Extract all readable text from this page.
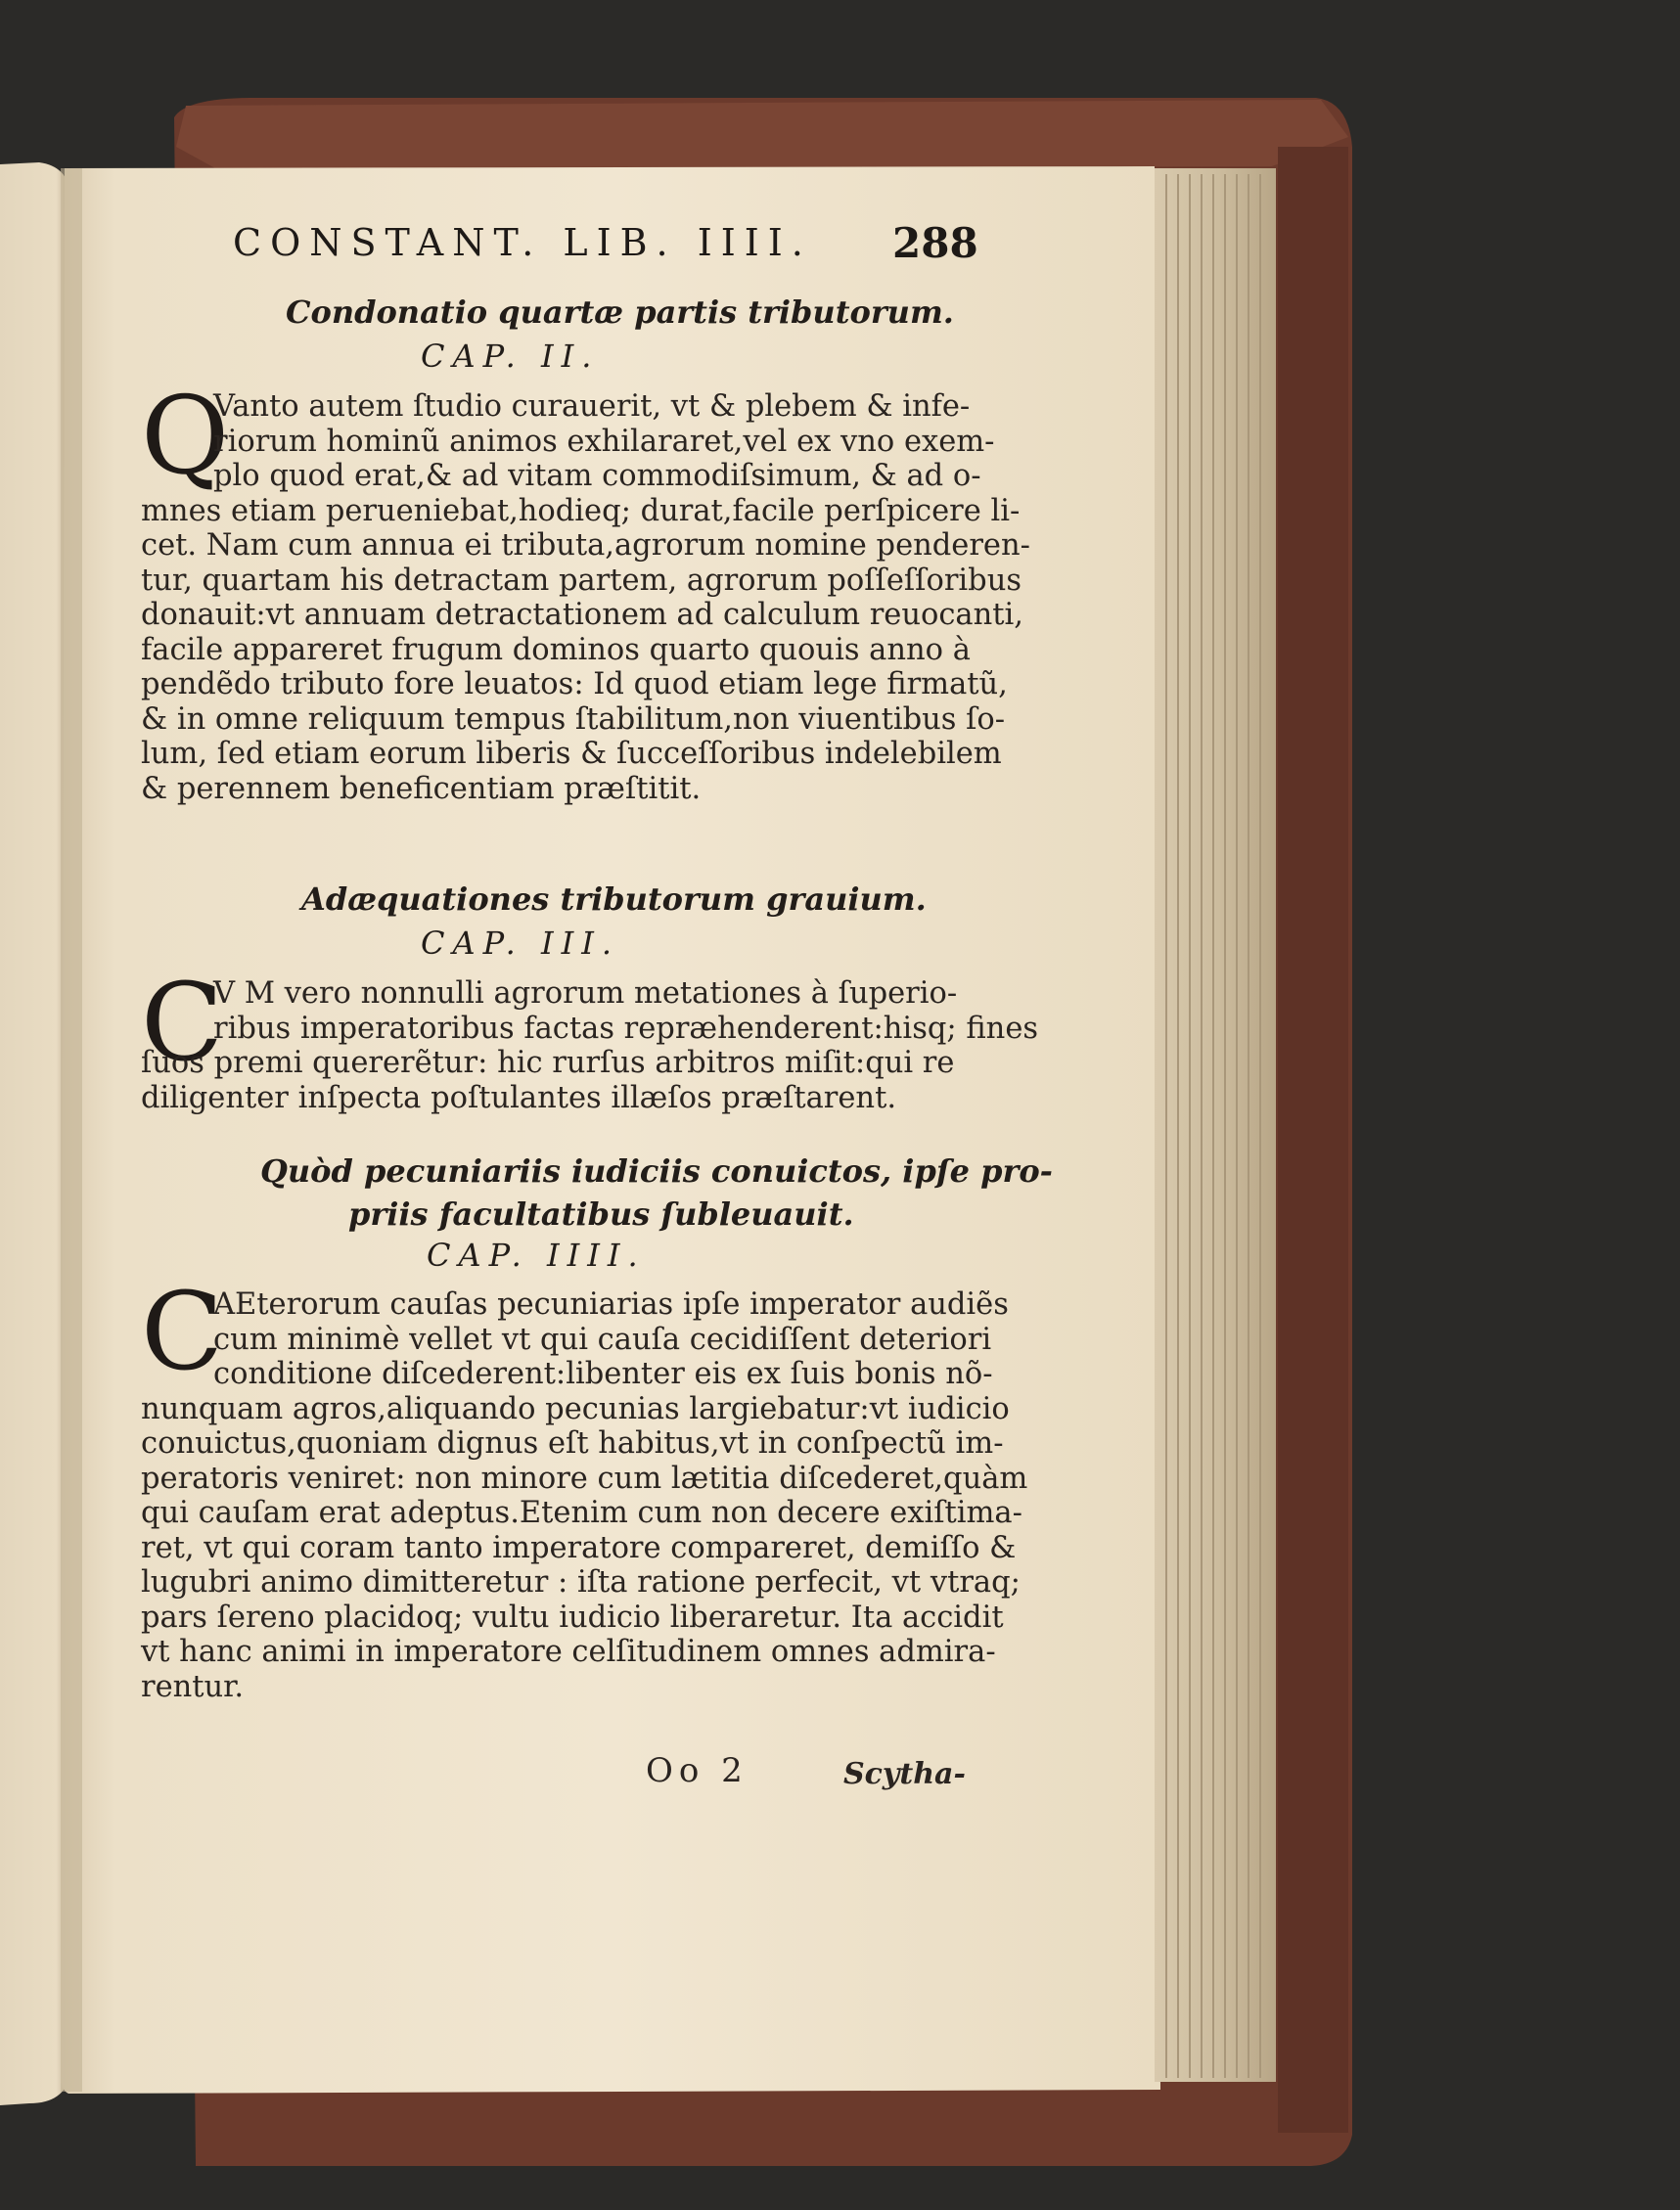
CONSTANT. LIB. IIII.	288
Condonatio quartæ partis tributorum.
CAP. II.
Q
Vanto autem ſtudio curauerit, vt & plebem & infe-
riorum hominũ animos exhilararet,vel ex vno exem-
plo quod erat,& ad vitam commodiſsimum, & ad o-
mnes etiam perueniebat,hodieq; durat,facile perſpicere li-
cet. Nam cum annua ei tributa,agrorum nomine penderen-
tur, quartam his detractam partem, agrorum poſſeſſoribus
donauit:vt annuam detractationem ad calculum reuocanti,
facile appareret frugum dominos quarto quouis anno à
pendẽdo tributo fore leuatos: Id quod etiam lege firmatũ,
& in omne reliquum tempus ſtabilitum,non viuentibus ſo-
lum, ſed etiam eorum liberis & ſucceſſoribus indelebilem
& perennem beneficentiam præſtitit.
Adæquationes tributorum grauium.
CAP. III.
C
V M vero nonnulli agrorum metationes à ſuperio-
ribus imperatoribus factas repræhenderent:hisq; fines
ſuos premi quererẽtur: hic rurſus arbitros miſit:qui re
diligenter inſpecta poſtulantes illæſos præſtarent.
Quòd pecuniariis iudiciis conuictos, ipſe pro-
priis facultatibus ſubleuauit.
CAP. IIII.
C
AEterorum cauſas pecuniarias ipſe imperator audiẽs
cum minimè vellet vt qui cauſa cecidiſſent deteriori
conditione diſcederent:libenter eis ex ſuis bonis nõ-
nunquam agros,aliquando pecunias largiebatur:vt iudicio
conuictus,quoniam dignus eſt habitus,vt in conſpectũ im-
peratoris veniret: non minore cum lætitia diſcederet,quàm
qui cauſam erat adeptus.Etenim cum non decere exiſtima-
ret, vt qui coram tanto imperatore compareret, demiſſo &
lugubri animo dimitteretur : iſta ratione perfecit, vt vtraq;
pars ſereno placidoq; vultu iudicio liberaretur. Ita accidit
vt hanc animi in imperatore celſitudinem omnes admira-
rentur.
Oo 2	Scytha-
